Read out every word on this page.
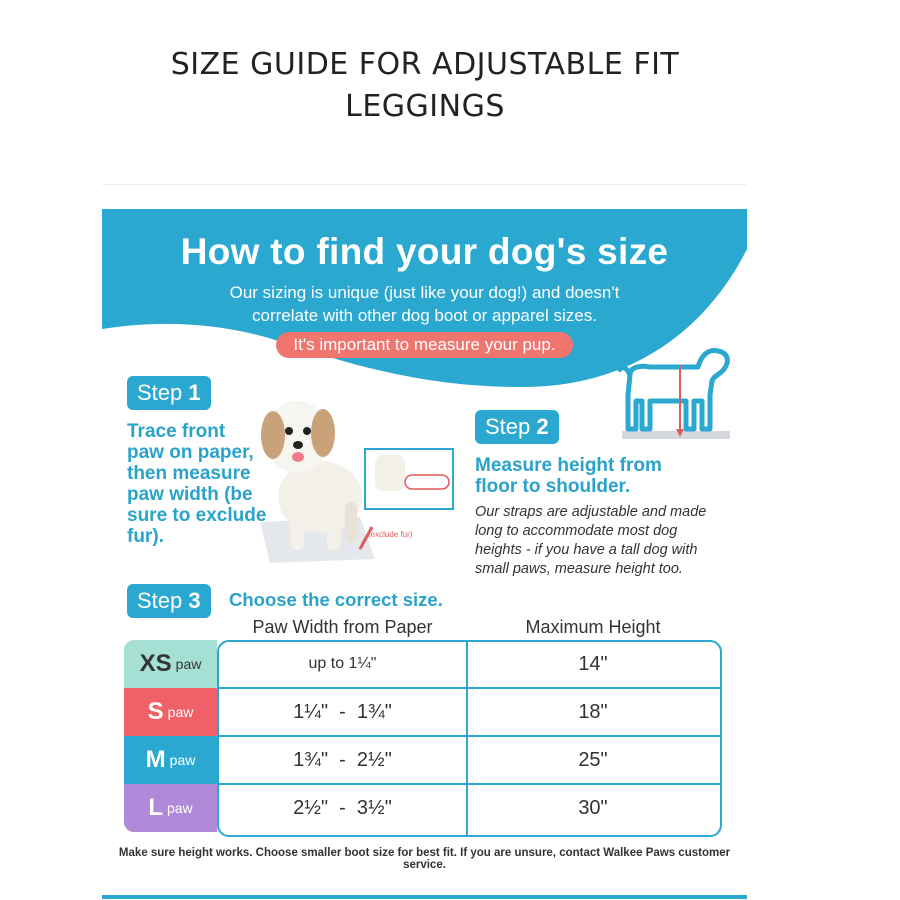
SIZE GUIDE FOR ADJUSTABLE FIT LEGGINGS
How to find your dog's size
Our sizing is unique (just like your dog!) and doesn't
correlate with other dog boot or apparel sizes.
It's important to measure your pup.
Step 1
Trace front paw on paper, then measure paw width (be sure to exclude fur).	(exclude fur)
Step 2
Measure height from floor to shoulder.
Our straps are adjustable and made long to accommodate most dog heights - if you have a tall dog with small paws, measure height too.
Step 3	Choose the correct size.
Paw Width from Paper	Maximum Height
XS paw	up to 1¼"	14"
S paw	1¼"  -  1¾"	18"
M paw	1¾"  -  2½"	25"
L paw	2½"  -  3½"	30"
Make sure height works. Choose smaller boot size for best fit. If you are unsure, contact Walkee Paws customer service.
